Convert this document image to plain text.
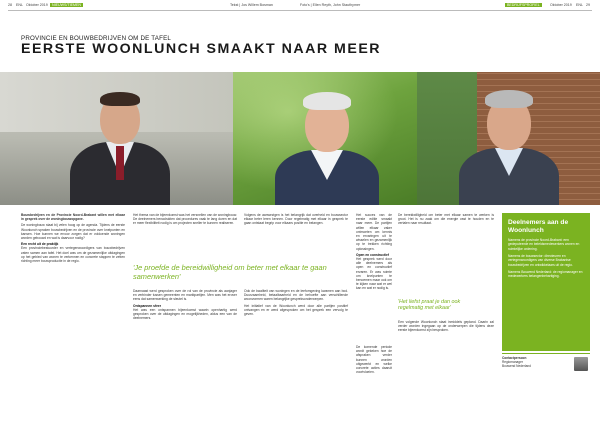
28 ENL Oktober 2019	NIEUWS/TIEMEN	Tekst | Jos Willem Bosman	Foto's | Ellen Reyth, John Stauthymer	BEDRIJFSPROFIEL	Oktober 2019 ENL 29
PROVINCIE EN BOUWBEDRIJVEN OM DE TAFEL
EERSTE WOONLUNCH SMAAKT NAAR MEER

Bouwbedrijven en de Provincie Noord-Brabant willen met elkaar in gesprek over de woningbouwopgave.

De woningbouw staat bij velen hoog op de agenda. Tijdens de eerste Woonlunch spraken bouwbedrijven en de provincie over knelpunten en kansen. Hoe kunnen we ervoor zorgen dat er voldoende woningen worden gebouwd en wat is daarvoor nodig?

Een recht uit de praktijk

Een provinciebestuurder en vertegenwoordigers van bouwbedrijven zaten samen aan tafel. Het doel was om de gezamenlijke uitdagingen op het gebied van wonen te verkennen en concrete stappen te zetten richting meer bouwproductie in de regio.

Het thema van de bijeenkomst was het versnellen van de woningbouw. De deelnemers benadrukten dat procedures vaak te lang duren en dat er meer flexibiliteit nodig is om projecten sneller te kunnen realiseren.

'Je proefde de bereidwilligheid om beter met elkaar te gaan samenwerken'

Daarnaast werd gesproken over de rol van de provincie als aanjager en verbinder tussen gemeenten en marktpartijen. Men was het erover eens dat samenwerking de sleutel is.

Ontspannen sfeer

Het was een ontspannen bijeenkomst waarin openhartig werd gesproken over de uitdagingen en mogelijkheden, aldus een van de deelnemers.

Volgens de aanwezigen is het belangrijk dat overheid en bouwsector elkaar beter leren kennen. Door regelmatig met elkaar in gesprek te gaan ontstaat begrip voor elkaars positie en belangen.

Ook de kwaliteit van woningen en de leefomgeving kwamen aan bod. Duurzaamheid, betaalbaarheid en de behoefte aan verschillende woonvormen waren belangrijke gespreksonderwerpen.

Het initiatief van de Woonlunch werd door alle partijen positief ontvangen en er werd afgesproken om het gesprek een vervolg te geven.

Het succes van de eerste editie smaakt naar meer. De partijen willen elkaar vaker ontmoeten om kennis en ervaringen uit te wisselen en gezamenlijk op te trekken richting oplossingen.

Open en constructief

Het gesprek werd door alle deelnemers als open en constructief ervaren. Er was ruimte om knelpunten te benoemen maar ook om te kijken naar wat er wel kan en wat er nodig is.

De komende periode wordt gekeken hoe de afspraken verder kunnen worden uitgewerkt en welke concrete acties daaruit voortvloeien.

De bereidwilligheid om beter met elkaar samen te werken is groot. Het is nu zaak om die energie vast te houden en te vertalen naar resultaat.

'Het liefst praat je dan ook regelmatig met elkaar'

Een volgende Woonlunch staat inmiddels gepland. Daarin zal verder worden ingegaan op de onderwerpen die tijdens deze eerste bijeenkomst zijn besproken.

Deelnemers aan de Woonlunch
Namens de provincie Noord-Brabant: een gedeputeerde en beleidsmedewerkers wonen en ruimtelijke ordening.
Namens de bouwsector: directeuren en vertegenwoordigers van diverse Brabantse bouwbedrijven en ontwikkelaars uit de regio.
Namens Bouwend Nederland: de regiomanager en medewerkers belangenbehartiging.
Contactpersoon
Regiomanager
Bouwend Nederland
